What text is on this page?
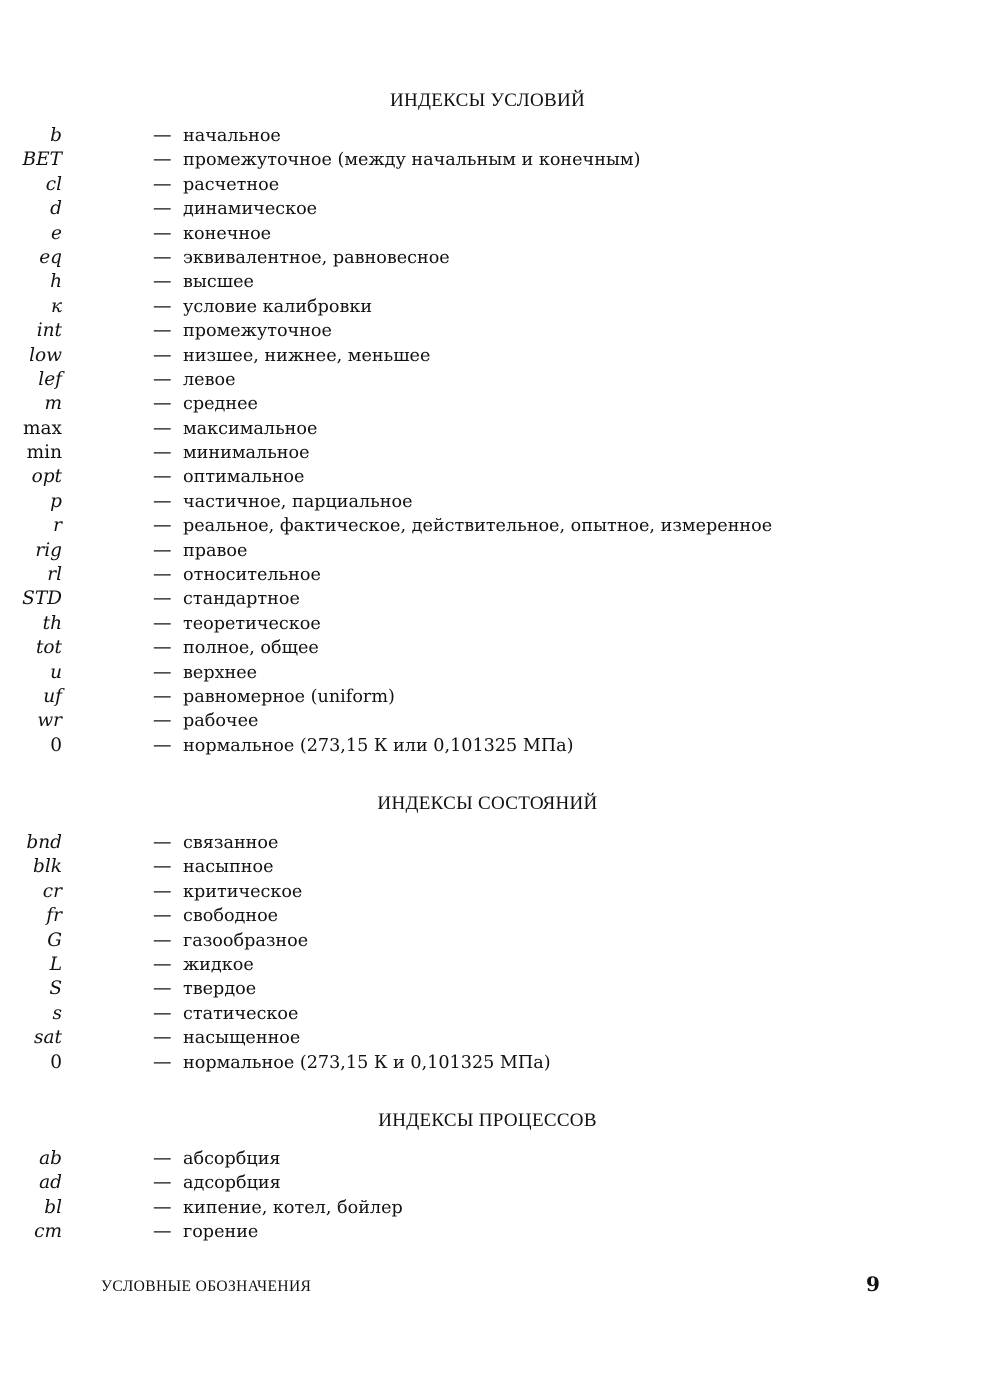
ИНДЕКСЫ УСЛОВИЙ
b	— начальное
BET	— промежуточное (между начальным и конечным)
cl	— расчетное
d	— динамическое
e	— конечное
eq	— эквивалентное, равновесное
h	— высшее
к	— условие калибровки
int	— промежуточное
low	— низшее, нижнее, меньшее
lef	— левое
m	— среднее
max	— максимальное
min	— минимальное
opt	— оптимальное
p	— частичное, парциальное
r	— реальное, фактическое, действительное, опытное, измеренное
rig	— правое
rl	— относительное
STD	— стандартное
th	— теоретическое
tot	— полное, общее
u	— верхнее
uf	— равномерное (uniform)
wr	— рабочее
0	— нормальное (273,15 К или 0,101325 МПа)
ИНДЕКСЫ СОСТОЯНИЙ
bnd	— связанное
blk	— насыпное
cr	— критическое
fr	— свободное
G	— газообразное
L	— жидкое
S	— твердое
s	— статическое
sat	— насыщенное
0	— нормальное (273,15 К и 0,101325 МПа)
ИНДЕКСЫ ПРОЦЕССОВ
ab	— абсорбция
ad	— адсорбция
bl	— кипение, котел, бойлер
cm	— горение
УСЛОВНЫЕ ОБОЗНАЧЕНИЯ	9
